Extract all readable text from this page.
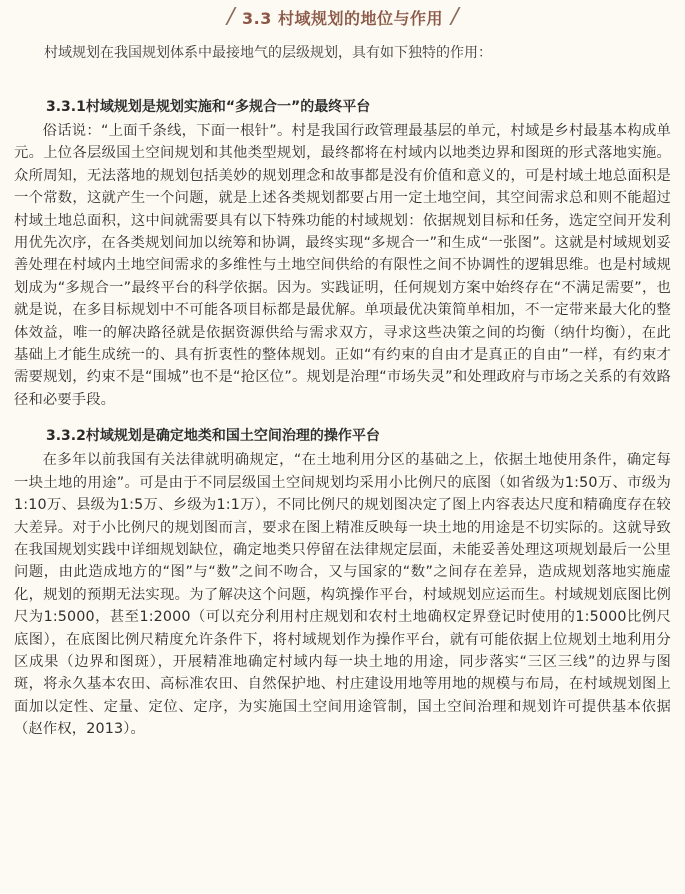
/ 3.3 村域规划的地位与作用 /

村域规划在我国规划体系中最接地气的层级规划，具有如下独特的作用：

3.3.1村域规划是规划实施和“多规合一”的最终平台

俗话说：“上面千条线，下面一根针”。村是我国行政管理最基层的单元，村域是乡村最基本构成单元。上位各层级国土空间规划和其他类型规划，最终都将在村域内以地类边界和图斑的形式落地实施。众所周知，无法落地的规划包括美妙的规划理念和故事都是没有价值和意义的，可是村域土地总面积是一个常数，这就产生一个问题，就是上述各类规划都要占用一定土地空间，其空间需求总和则不能超过村域土地总面积，这中间就需要具有以下特殊功能的村域规划：依据规划目标和任务，选定空间开发利用优先次序，在各类规划间加以统筹和协调，最终实现“多规合一”和生成“一张图”。这就是村域规划妥善处理在村域内土地空间需求的多维性与土地空间供给的有限性之间不协调性的逻辑思维。也是村域规划成为“多规合一”最终平台的科学依据。因为。实践证明，任何规划方案中始终存在“不满足需要”，也就是说，在多目标规划中不可能各项目标都是最优解。单项最优决策简单相加，不一定带来最大化的整体效益，唯一的解决路径就是依据资源供给与需求双方，寻求这些决策之间的均衡（纳什均衡），在此基础上才能生成统一的、具有折衷性的整体规划。正如“有约束的自由才是真正的自由”一样，有约束才需要规划，约束不是“围城”也不是“抢区位”。规划是治理“市场失灵”和处理政府与市场之关系的有效路径和必要手段。

3.3.2村域规划是确定地类和国土空间治理的操作平台

在多年以前我国有关法律就明确规定，“在土地利用分区的基础之上，依据土地使用条件，确定每一块土地的用途”。可是由于不同层级国土空间规划均采用小比例尺的底图（如省级为1:50万、市级为1:10万、县级为1:5万、乡级为1:1万），不同比例尺的规划图决定了图上内容表达尺度和精确度存在较大差异。对于小比例尺的规划图而言，要求在图上精准反映每一块土地的用途是不切实际的。这就导致在我国规划实践中详细规划缺位，确定地类只停留在法律规定层面，未能妥善处理这项规划最后一公里问题，由此造成地方的“图”与“数”之间不吻合，又与国家的“数”之间存在差异，造成规划落地实施虚化，规划的预期无法实现。为了解决这个问题，构筑操作平台，村域规划应运而生。村域规划底图比例尺为1:5000，甚至1:2000（可以充分利用村庄规划和农村土地确权定界登记时使用的1:5000比例尺底图），在底图比例尺精度允许条件下，将村域规划作为操作平台，就有可能依据上位规划土地利用分区成果（边界和图斑），开展精准地确定村域内每一块土地的用途，同步落实“三区三线”的边界与图斑，将永久基本农田、高标准农田、自然保护地、村庄建设用地等用地的规模与布局，在村域规划图上面加以定性、定量、定位、定序，为实施国土空间用途管制，国土空间治理和规划许可提供基本依据（赵作权，2013）。
